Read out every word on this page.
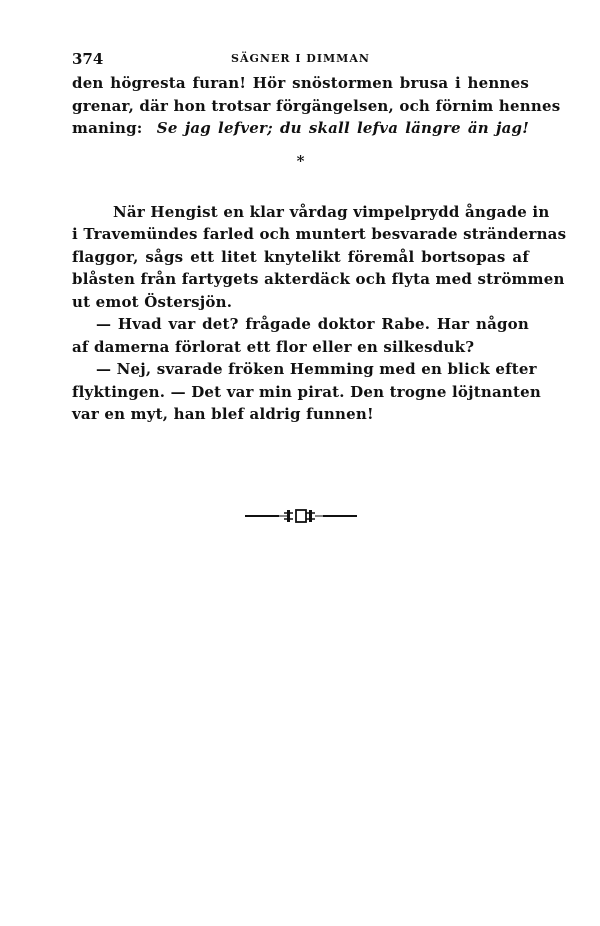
374	SÄGNER I DIMMAN
den högresta furan! Hör snöstormen brusa i hennes
grenar, där hon trotsar förgängelsen, och förnim hennes
maning: Se jag lefver; du skall lefva längre än jag!
*
När Hengist en klar vårdag vimpelprydd ångade in
i Travemündes farled och muntert besvarade strändernas
flaggor, sågs ett litet knytelikt föremål bortsopas af
blåsten från fartygets akterdäck och flyta med strömmen
ut emot Östersjön.
— Hvad var det? frågade doktor Rabe. Har någon
af damerna förlorat ett flor eller en silkesduk?
— Nej, svarade fröken Hemming med en blick efter
flyktingen. — Det var min pirat. Den trogne löjtnanten
var en myt, han blef aldrig funnen!
